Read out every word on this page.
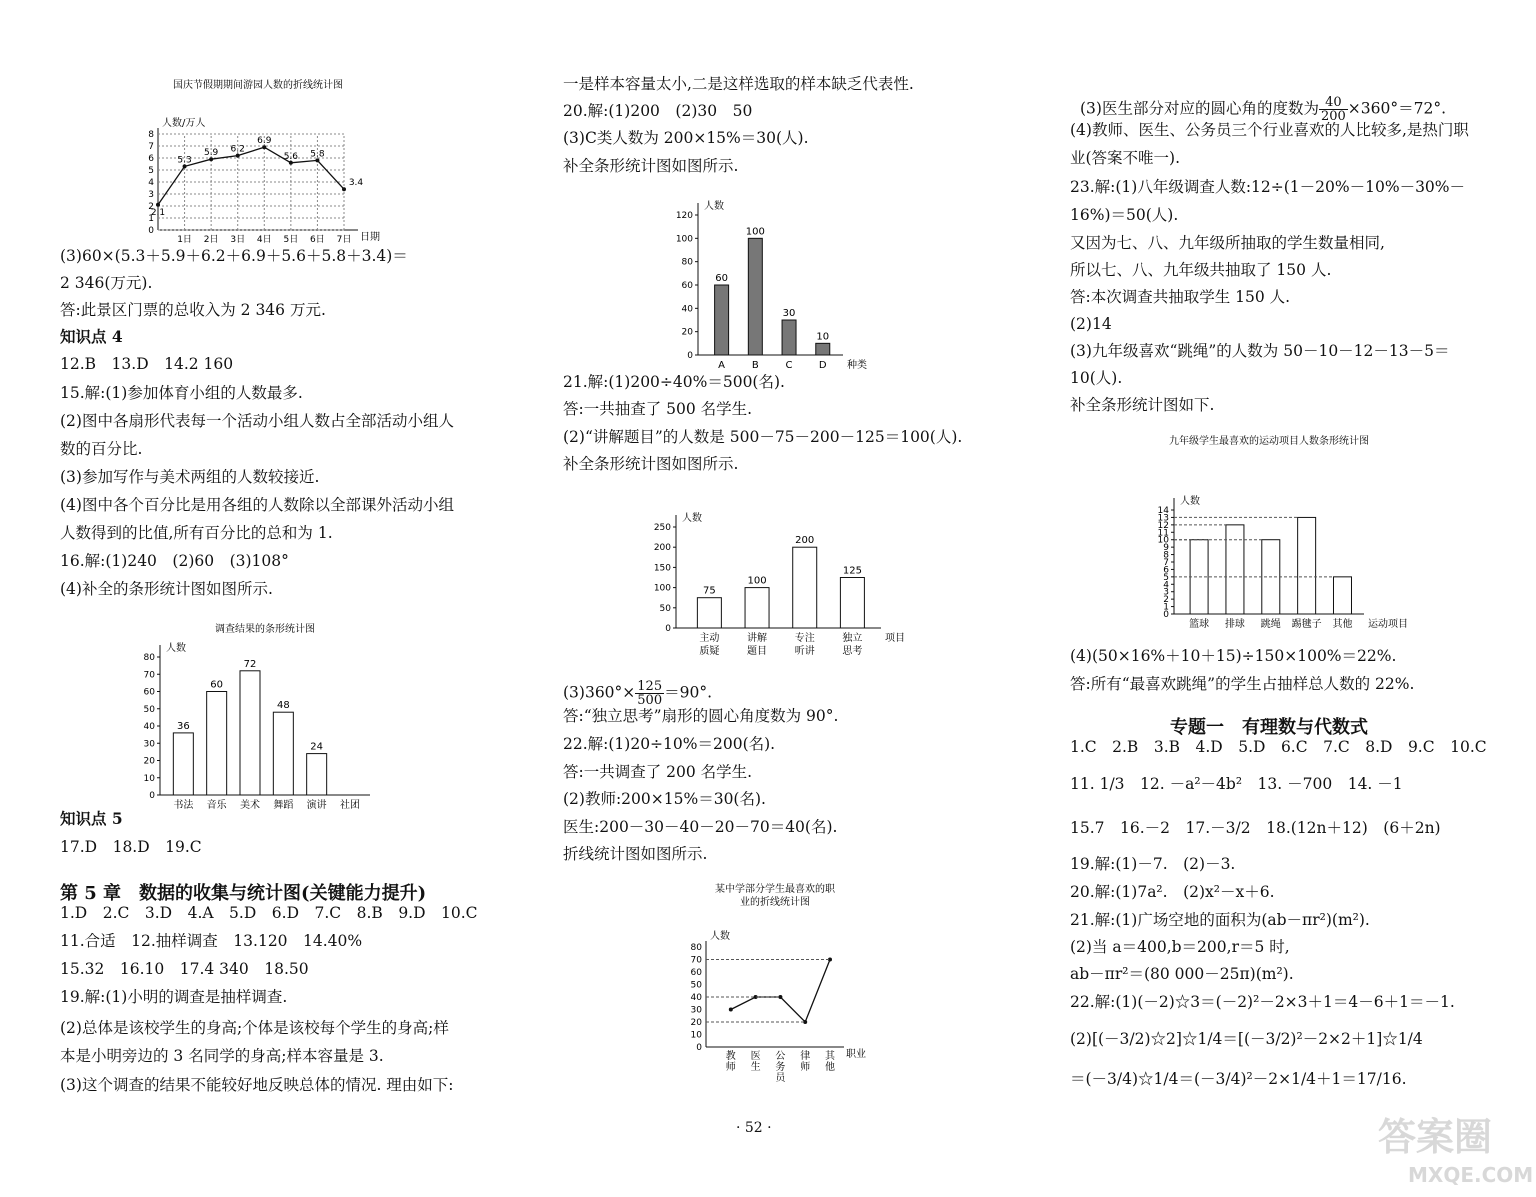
第 5 章　数据的收集与统计图(关键能力提升)
$(3)360^\circ\times \frac{125}{500} =90^\circ$.
(3)医生部分对应的圆心角的度数为 $\frac{40}{200} \times 360^\circ=72^\circ$.
专题一　有理数与代数式
国庆节假期期间游园人数的折线统计图
人数/万人
0
1
2
3
4
5
6
7
8
2.1
5.3
5.9 6.2
6.9
5.6 5.8
3.4
1日 2日 3日 4日 5日 6日 7日 日期
人数
0
20
40
60
80
100
120
60
A
100
B
30
C
10
D 种类
人数
0
50
100
150
200
250
75
主动
质疑
100
讲解
题目
200
专注
听讲
125
独立
思考
项目
调查结果的条形统计图
人数
0
10
20
30
40
50
60
70
80
36
书法
60
音乐
72
美术
48
舞蹈
24
演讲 社团
某中学部分学生最喜欢的职
业的折线统计图
人数
0
10
20
30
40
50
60
70
80
教
师
医
生
公
务
员
律
师
其
他
职业
九年级学生最喜欢的运动项目人数条形统计图
人数
0
1
2
3
4
5
6
7
8
9
10
11
12
13
14
篮球 排球 跳绳 踢毽子 其他 运动项目
· 52 ·	答案圈
MXQE.COM
(3)60×(5.3＋5.9＋6.2＋6.9＋5.6＋5.8＋3.4)＝
2 346(万元).
答:此景区门票的总收入为 2 346 万元.
知识点 4
12.B　13.D　14.2 160
15.解:(1)参加体育小组的人数最多.
(2)图中各扇形代表每一个活动小组人数占全部活动小组人
数的百分比.
(3)参加写作与美术两组的人数较接近.
(4)图中各个百分比是用各组的人数除以全部课外活动小组
人数得到的比值,所有百分比的总和为 1.
16.解:(1)240　(2)60　(3)108°
(4)补全的条形统计图如图所示.
知识点 5
17.D　18.D　19.C
1.D　2.C　3.D　4.A　5.D　6.D　7.C　8.B　9.D　10.C
11.合适　12.抽样调查　13.120　14.40%
15.32　16.10　17.4 340　18.50
19.解:(1)小明的调查是抽样调查.
(2)总体是该校学生的身高;个体是该校每个学生的身高;样
本是小明旁边的 3 名同学的身高;样本容量是 3.
(3)这个调查的结果不能较好地反映总体的情况. 理由如下:
一是样本容量太小,二是这样选取的样本缺乏代表性.
20.解:(1)200　(2)30　50
(3)C类人数为 200×15%＝30(人).
补全条形统计图如图所示.
21.解:(1)200÷40%＝500(名).
答:一共抽查了 500 名学生.
(2)“讲解题目”的人数是 500－75－200－125＝100(人).
补全条形统计图如图所示.
答:“独立思考”扇形的圆心角度数为 90°.
22.解:(1)20÷10%＝200(名).
答:一共调查了 200 名学生.
(2)教师:200×15%＝30(名).
医生:200－30－40－20－70＝40(名).
折线统计图如图所示.
(4)教师、医生、公务员三个行业喜欢的人比较多,是热门职
业(答案不唯一).
23.解:(1)八年级调查人数:12÷(1－20%－10%－30%－
16%)＝50(人).
又因为七、八、九年级所抽取的学生数量相同,
所以七、八、九年级共抽取了 150 人.
答:本次调查共抽取学生 150 人.
(2)14
(3)九年级喜欢“跳绳”的人数为 50－10－12－13－5＝
10(人).
补全条形统计图如下.
(4)(50×16%＋10＋15)÷150×100%＝22%.
答:所有“最喜欢跳绳”的学生占抽样总人数的 22%.
1.C　2.B　3.B　4.D　5.D　6.C　7.C　8.D　9.C　10.C
11. 1/3　12. －a²－4b²　13. －700　14. －1
15.7　16.－2　17.－3/2　18.(12n＋12)　(6＋2n)
19.解:(1)－7.　(2)－3.
20.解:(1)7a².　(2)x²－x＋6.
21.解:(1)广场空地的面积为(ab－πr²)(m²).
(2)当 a＝400,b＝200,r＝5 时,
ab－πr²＝(80 000－25π)(m²).
22.解:(1)(－2)☆3＝(－2)²－2×3＋1＝4－6＋1＝－1.
(2)[(－3/2)☆2]☆1/4＝[(－3/2)²－2×2＋1]☆1/4
＝(－3/4)☆1/4＝(－3/4)²－2×1/4＋1＝17/16.
